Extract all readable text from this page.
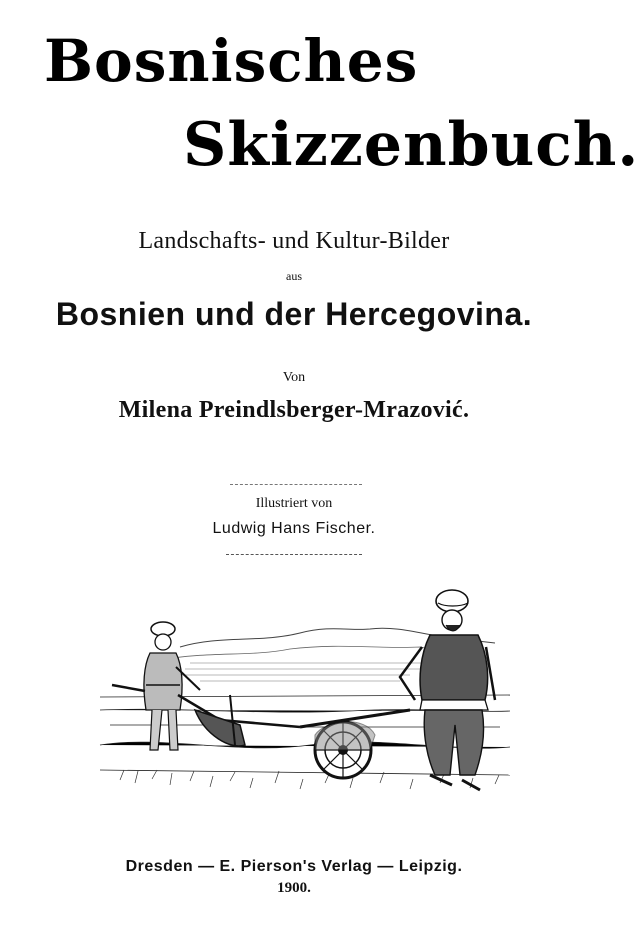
Bosnisches
Skizzenbuch.
Landschafts- und Kultur-Bilder
aus
Bosnien und der Hercegovina.
Von
Milena Preindlsberger-Mrazović.
Illustriert von
Ludwig Hans Fischer.
Dresden — E. Pierson's Verlag — Leipzig.
1900.
